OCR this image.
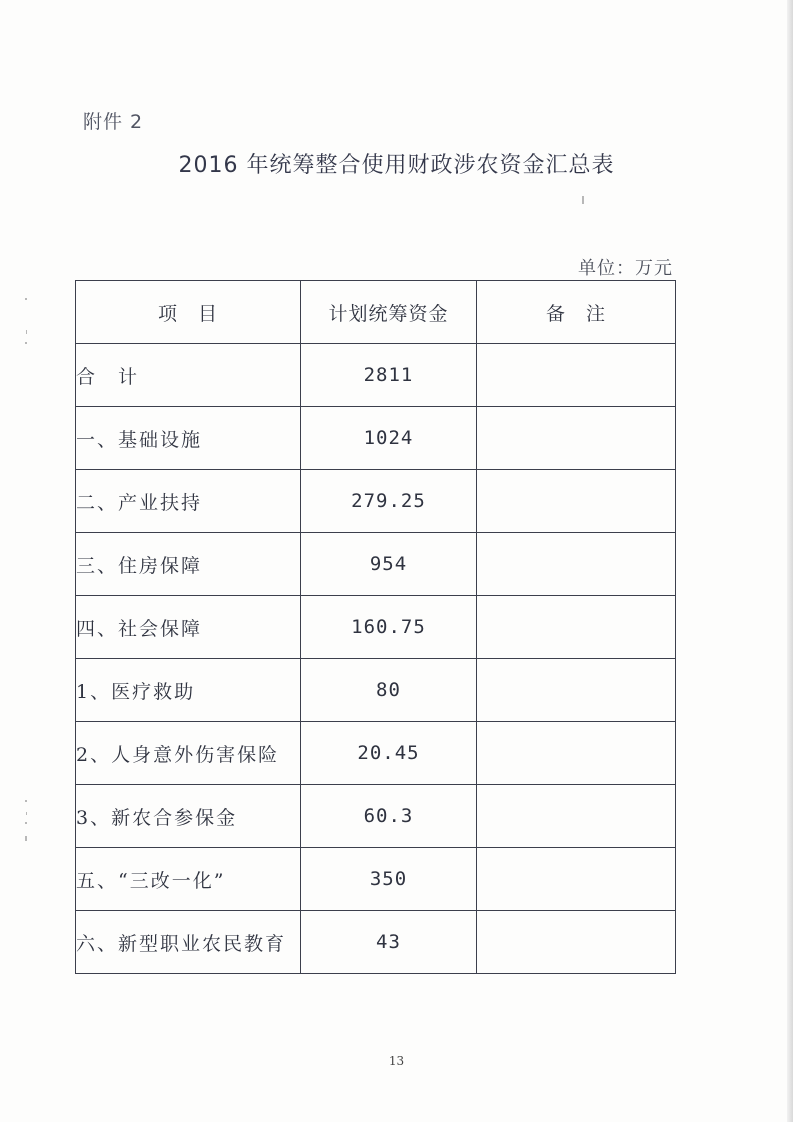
附件 2
2016 年统筹整合使用财政涉农资金汇总表
单位：万元
项　目	计划统筹资金	备　注
合　计	2811	
一、基础设施	1024	
二、产业扶持	279.25	
三、住房保障	954	
四、社会保障	160.75	
1、医疗救助	80	
2、人身意外伤害保险	20.45	
3、新农合参保金	60.3	
五、“三改一化”	350	
六、新型职业农民教育	43	
13
